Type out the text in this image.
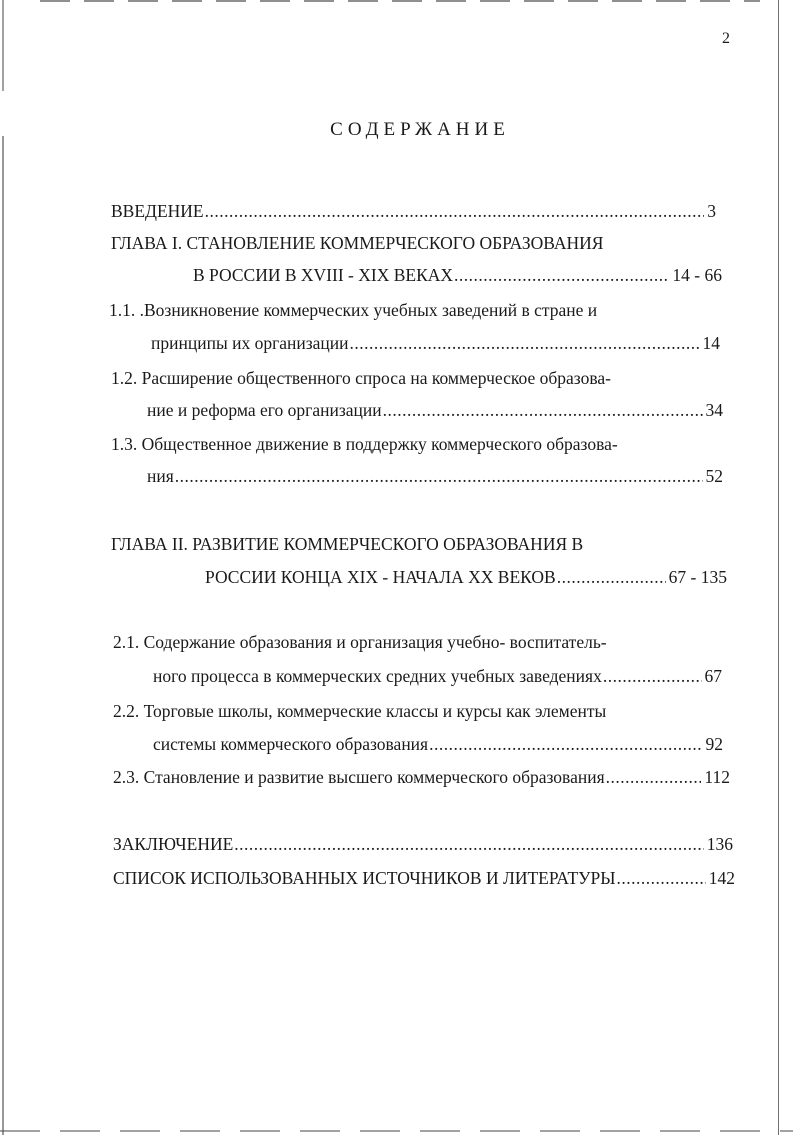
2
СОДЕРЖАНИЕ
ВВЕДЕНИЕ .....	3
ГЛАВА I. СТАНОВЛЕНИЕ КОММЕРЧЕСКОГО ОБРАЗОВАНИЯ
В РОССИИ В XVIII - XIX ВЕКАХ .....	14 - 66
1.1. .Возникновение коммерческих учебных заведений в стране и
принципы их организации .....	14
1.2. Расширение общественного спроса на коммерческое образова-
ние и реформа его организации .....	34
1.3. Общественное движение в поддержку коммерческого образова-
ния .....	52
ГЛАВА II. РАЗВИТИЕ КОММЕРЧЕСКОГО ОБРАЗОВАНИЯ В
РОССИИ КОНЦА XIX - НАЧАЛА XX ВЕКОВ .....	67 - 135
2.1. Содержание образования и организация учебно- воспитатель-
ного процесса в коммерческих средних учебных заведениях .....	67
2.2. Торговые школы, коммерческие классы и курсы как элементы
системы коммерческого образования .....	92
2.3. Становление и развитие высшего коммерческого образования .....	112
ЗАКЛЮЧЕНИЕ .....	136
СПИСОК ИСПОЛЬЗОВАННЫХ ИСТОЧНИКОВ И ЛИТЕРАТУРЫ .....	142
